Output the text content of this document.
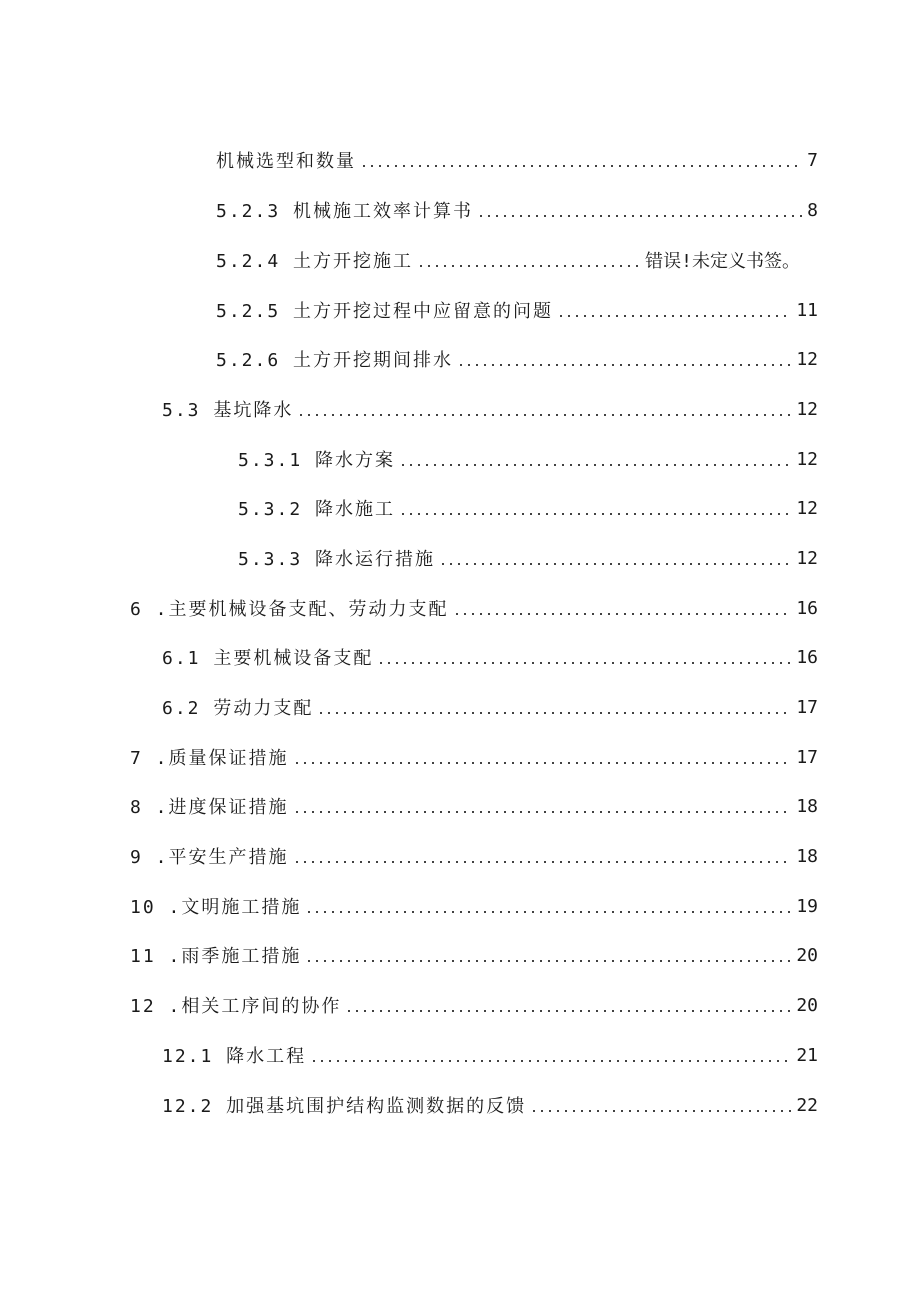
机械选型和数量	7
5.2.3 机械施工效率计算书	8
5.2.4 土方开挖施工	错误!未定义书签。
5.2.5 土方开挖过程中应留意的问题	11
5.2.6 土方开挖期间排水	12
5.3 基坑降水	12
5.3.1 降水方案	12
5.3.2 降水施工	12
5.3.3 降水运行措施	12
6 .主要机械设备支配、劳动力支配	16
6.1 主要机械设备支配	16
6.2 劳动力支配	17
7 .质量保证措施	17
8 .进度保证措施	18
9 .平安生产措施	18
10 .文明施工措施	19
11 .雨季施工措施	20
12 .相关工序间的协作	20
12.1 降水工程	21
12.2 加强基坑围护结构监测数据的反馈	22
